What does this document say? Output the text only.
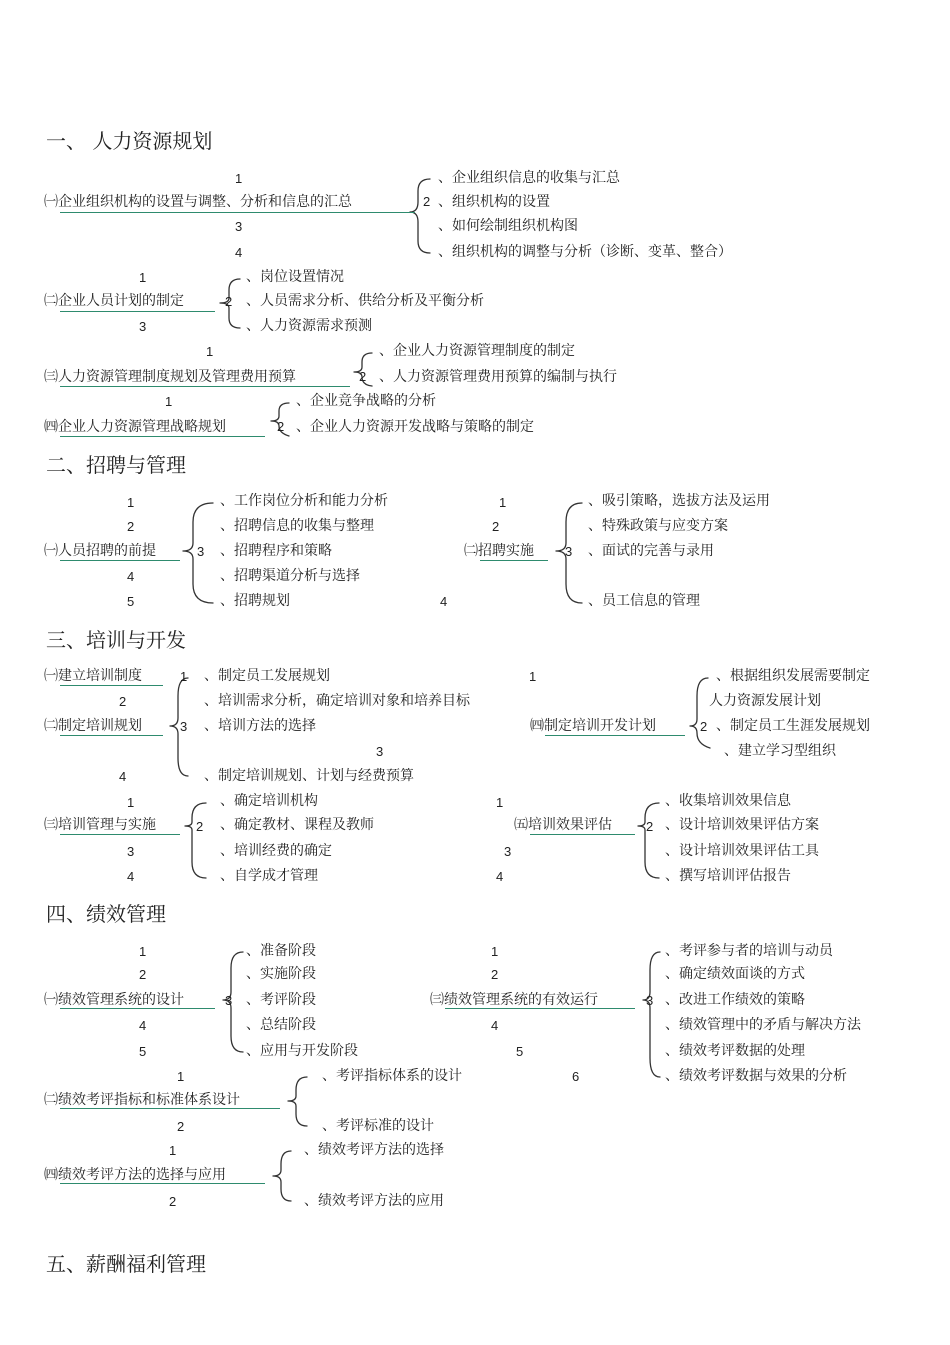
一、 人力资源规划
1
2
3
4
㈠企业组织机构的设置与调整、分析和信息的汇总
、企业组织信息的收集与汇总
、组织机构的设置
、如何绘制组织机构图
、组织机构的调整与分析（诊断、变革、整合）
1
2
3
㈡企业人员计划的制定
、岗位设置情况
、人员需求分析、供给分析及平衡分析
、人力资源需求预测
1
2
㈢人力资源管理制度规划及管理费用预算
、企业人力资源管理制度的制定
、人力资源管理费用预算的编制与执行
1
2
㈣企业人力资源管理战略规划
、企业竞争战略的分析
、企业人力资源开发战略与策略的制定
二、招聘与管理
1
2
3
4
5
㈠人员招聘的前提
、工作岗位分析和能力分析
、招聘信息的收集与整理
、招聘程序和策略
、招聘渠道分析与选择
、招聘规划
1
2
3
4
㈡招聘实施
、吸引策略，选拔方法及运用
、特殊政策与应变方案
、面试的完善与录用
、员工信息的管理
三、培训与开发
㈠建立培训制度	1
2
3
4
㈡制定培训规划
、制定员工发展规划
、培训需求分析，确定培训对象和培养目标
、培训方法的选择
、制定培训规划、计划与经费预算
1
2
3
㈣制定培训开发计划
、根据组织发展需要制定
人力资源发展计划
、制定员工生涯发展规划
、建立学习型组织
1
2
3
4
㈢培训管理与实施
、确定培训机构
、确定教材、课程及教师
、培训经费的确定
、自学成才管理
1
2
3
4
㈤培训效果评估
、收集培训效果信息
、设计培训效果评估方案
、设计培训效果评估工具
、撰写培训评估报告
四、绩效管理
1
2
3
4
5
㈠绩效管理系统的设计
、准备阶段
、实施阶段
、考评阶段
、总结阶段
、应用与开发阶段
1
2
3
4
5
6
㈢绩效管理系统的有效运行
、考评参与者的培训与动员
、确定绩效面谈的方式
、改进工作绩效的策略
、绩效管理中的矛盾与解决方法
、绩效考评数据的处理
、绩效考评数据与效果的分析
1
2
㈡绩效考评指标和标准体系设计
、考评指标体系的设计
、考评标准的设计
1
2
㈣绩效考评方法的选择与应用
、绩效考评方法的选择
、绩效考评方法的应用
五、薪酬福利管理
